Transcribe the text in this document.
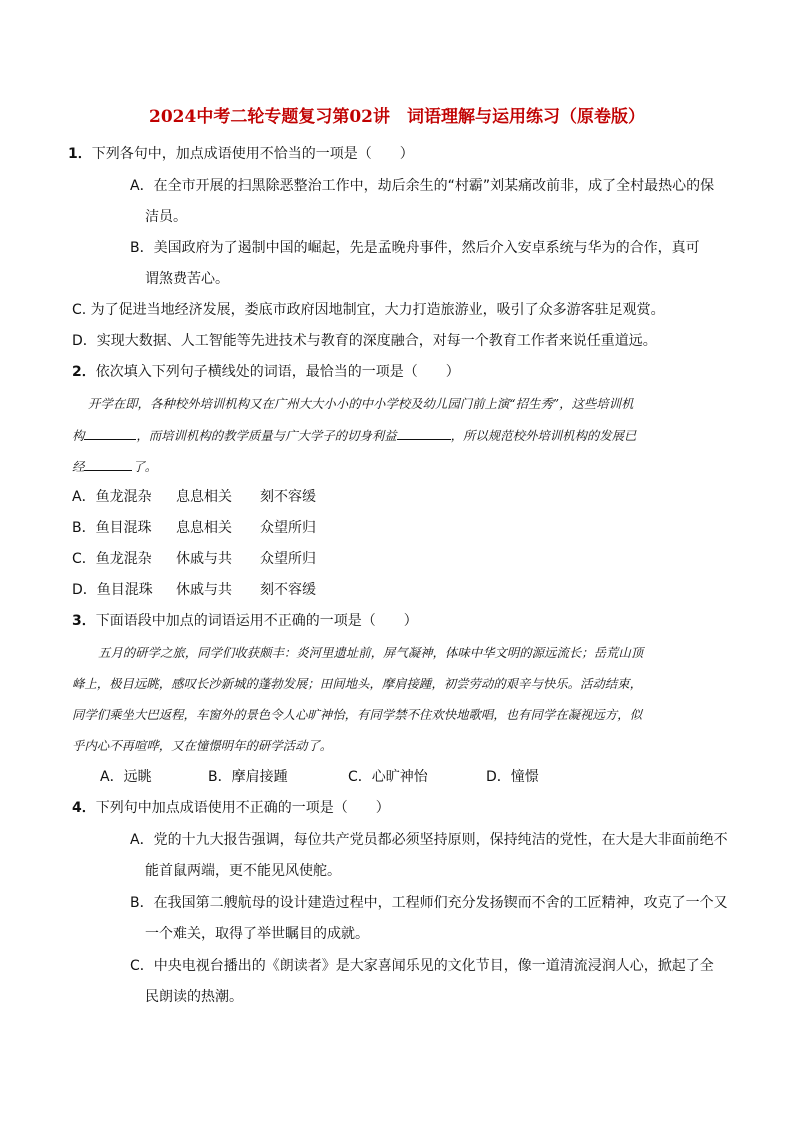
2024中考二轮专题复习第02讲　词语理解与运用练习（原卷版）
1．下列各句中，加点成语使用不恰当的一项是（　　）
A．在全市开展的扫黑除恶整治工作中，劫后余生的“村霸”刘某痛改前非，成了全村最热心的保
洁员。
B．美国政府为了遏制中国的崛起，先是孟晚舟事件，然后介入安卓系统与华为的合作，真可
谓煞费苦心。
C. 为了促进当地经济发展，娄底市政府因地制宜，大力打造旅游业，吸引了众多游客驻足观赏。
D．实现大数据、人工智能等先进技术与教育的深度融合，对每一个教育工作者来说任重道远。
2．依次填入下列句子横线处的词语，最恰当的一项是（　　）
开学在即，各种校外培训机构又在广州大大小小的中小学校及幼儿园门前上演“招生秀”，这些培训机
构	，而培训机构的教学质量与广大学子的切身利益	，所以规范校外培训机构的发展已
经	了。
A．鱼龙混杂 息息相关 刻不容缓
B．鱼目混珠 息息相关 众望所归
C．鱼龙混杂 休戚与共 众望所归
D．鱼目混珠 休戚与共 刻不容缓
3．下面语段中加点的词语运用不正确的一项是（　　）
五月的研学之旅，同学们收获颇丰：炎河里遗址前，屏气凝神，体味中华文明的源远流长；岳荒山顶
峰上，极目远眺，感叹长沙新城的蓬勃发展；田间地头，摩肩接踵，初尝劳动的艰辛与快乐。活动结束，
同学们乘坐大巴返程，车窗外的景色令人心旷神怡，有同学禁不住欢快地歌唱，也有同学在凝视远方，似
乎内心不再喧哗，又在憧憬明年的研学活动了。
A．远眺	B．摩肩接踵	C．心旷神怡	D．憧憬
4．下列句中加点成语使用不正确的一项是（　　）
A．党的十九大报告强调，每位共产党员都必须坚持原则，保持纯洁的党性，在大是大非面前绝不
能首鼠两端，更不能见风使舵。
B．在我国第二艘航母的设计建造过程中，工程师们充分发扬锲而不舍的工匠精神，攻克了一个又
一个难关，取得了举世瞩目的成就。
C．中央电视台播出的《朗读者》是大家喜闻乐见的文化节目，像一道清流浸润人心，掀起了全
民朗读的热潮。
